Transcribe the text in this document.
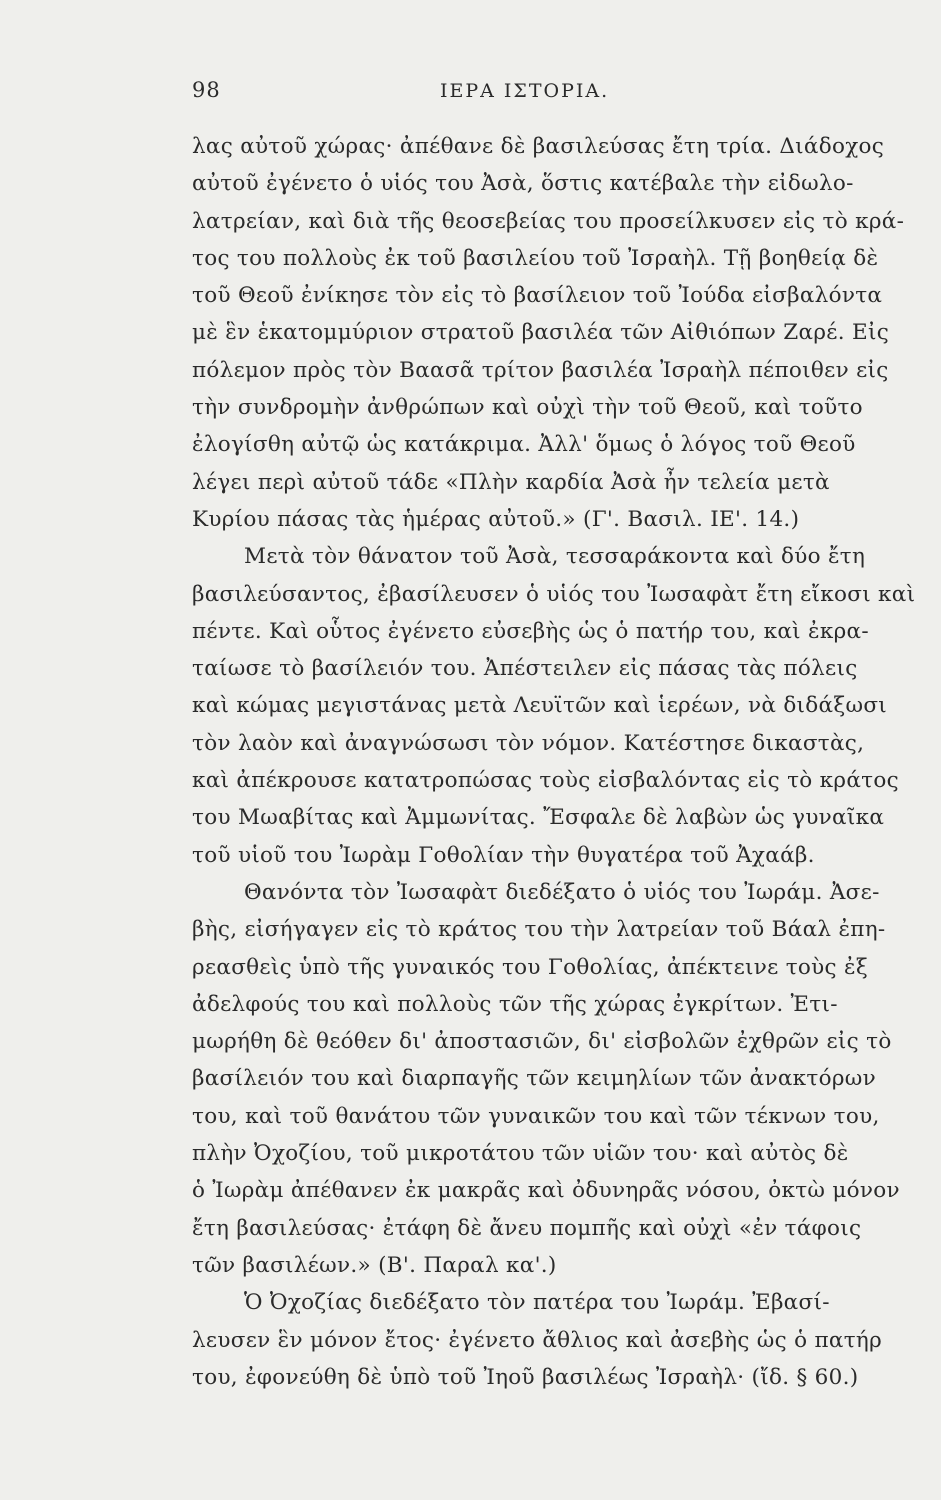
98	ΙΕΡΑ ΙΣΤΟΡΙΑ.
λας αὐτοῦ χώρας· ἀπέθανε δὲ βασιλεύσας ἔτη τρία. Διάδοχος
αὐτοῦ ἐγένετο ὁ υἱός του Ἀσὰ, ὅστις κατέβαλε τὴν εἰδωλο-
λατρείαν, καὶ διὰ τῆς θεοσεβείας του προσείλκυσεν εἰς τὸ κρά-
τος του πολλοὺς ἐκ τοῦ βασιλείου τοῦ Ἰσραὴλ. Τῇ βοηθείᾳ δὲ
τοῦ Θεοῦ ἐνίκησε τὸν εἰς τὸ βασίλειον τοῦ Ἰούδα εἰσβαλόντα
μὲ ἓν ἑκατομμύριον στρατοῦ βασιλέα τῶν Αἰθιόπων Ζαρέ. Εἰς
πόλεμον πρὸς τὸν Βαασᾶ τρίτον βασιλέα Ἰσραὴλ πέποιθεν εἰς
τὴν συνδρομὴν ἀνθρώπων καὶ οὐχὶ τὴν τοῦ Θεοῦ, καὶ τοῦτο
ἐλογίσθη αὐτῷ ὡς κατάκριμα. Ἀλλ' ὅμως ὁ λόγος τοῦ Θεοῦ
λέγει περὶ αὐτοῦ τάδε «Πλὴν καρδία Ἀσὰ ἦν τελεία μετὰ
Κυρίου πάσας τὰς ἡμέρας αὐτοῦ.» (Γ'. Βασιλ. ΙΕ'. 14.)
Μετὰ τὸν θάνατον τοῦ Ἀσὰ, τεσσαράκοντα καὶ δύο ἔτη
βασιλεύσαντος, ἐβασίλευσεν ὁ υἱός του Ἰωσαφὰτ ἔτη εἴκοσι καὶ
πέντε. Καὶ οὗτος ἐγένετο εὐσεβὴς ὡς ὁ πατήρ του, καὶ ἐκρα-
ταίωσε τὸ βασίλειόν του. Ἀπέστειλεν εἰς πάσας τὰς πόλεις
καὶ κώμας μεγιστάνας μετὰ Λευϊτῶν καὶ ἱερέων, νὰ διδάξωσι
τὸν λαὸν καὶ ἀναγνώσωσι τὸν νόμον. Κατέστησε δικαστὰς,
καὶ ἀπέκρουσε κατατροπώσας τοὺς εἰσβαλόντας εἰς τὸ κράτος
του Μωαβίτας καὶ Ἀμμωνίτας. Ἔσφαλε δὲ λαβὼν ὡς γυναῖκα
τοῦ υἱοῦ του Ἰωρὰμ Γοθολίαν τὴν θυγατέρα τοῦ Ἀχαάβ.
Θανόντα τὸν Ἰωσαφὰτ διεδέξατο ὁ υἱός του Ἰωράμ. Ἀσε-
βὴς, εἰσήγαγεν εἰς τὸ κράτος του τὴν λατρείαν τοῦ Βάαλ ἐπη-
ρεασθεὶς ὑπὸ τῆς γυναικός του Γοθολίας, ἀπέκτεινε τοὺς ἐξ
ἀδελφούς του καὶ πολλοὺς τῶν τῆς χώρας ἐγκρίτων. Ἐτι-
μωρήθη δὲ θεόθεν δι' ἀποστασιῶν, δι' εἰσβολῶν ἐχθρῶν εἰς τὸ
βασίλειόν του καὶ διαρπαγῆς τῶν κειμηλίων τῶν ἀνακτόρων
του, καὶ τοῦ θανάτου τῶν γυναικῶν του καὶ τῶν τέκνων του,
πλὴν Ὀχοζίου, τοῦ μικροτάτου τῶν υἱῶν του· καὶ αὐτὸς δὲ
ὁ Ἰωρὰμ ἀπέθανεν ἐκ μακρᾶς καὶ ὀδυνηρᾶς νόσου, ὀκτὼ μόνον
ἔτη βασιλεύσας· ἐτάφη δὲ ἄνευ πομπῆς καὶ οὐχὶ «ἐν τάφοις
τῶν βασιλέων.» (Β'. Παραλ κα'.)
Ὁ Ὀχοζίας διεδέξατο τὸν πατέρα του Ἰωράμ. Ἐβασί-
λευσεν ἓν μόνον ἔτος· ἐγένετο ἄθλιος καὶ ἀσεβὴς ὡς ὁ πατήρ
του, ἐφονεύθη δὲ ὑπὸ τοῦ Ἰηοῦ βασιλέως Ἰσραὴλ· (ἴδ. § 60.)
